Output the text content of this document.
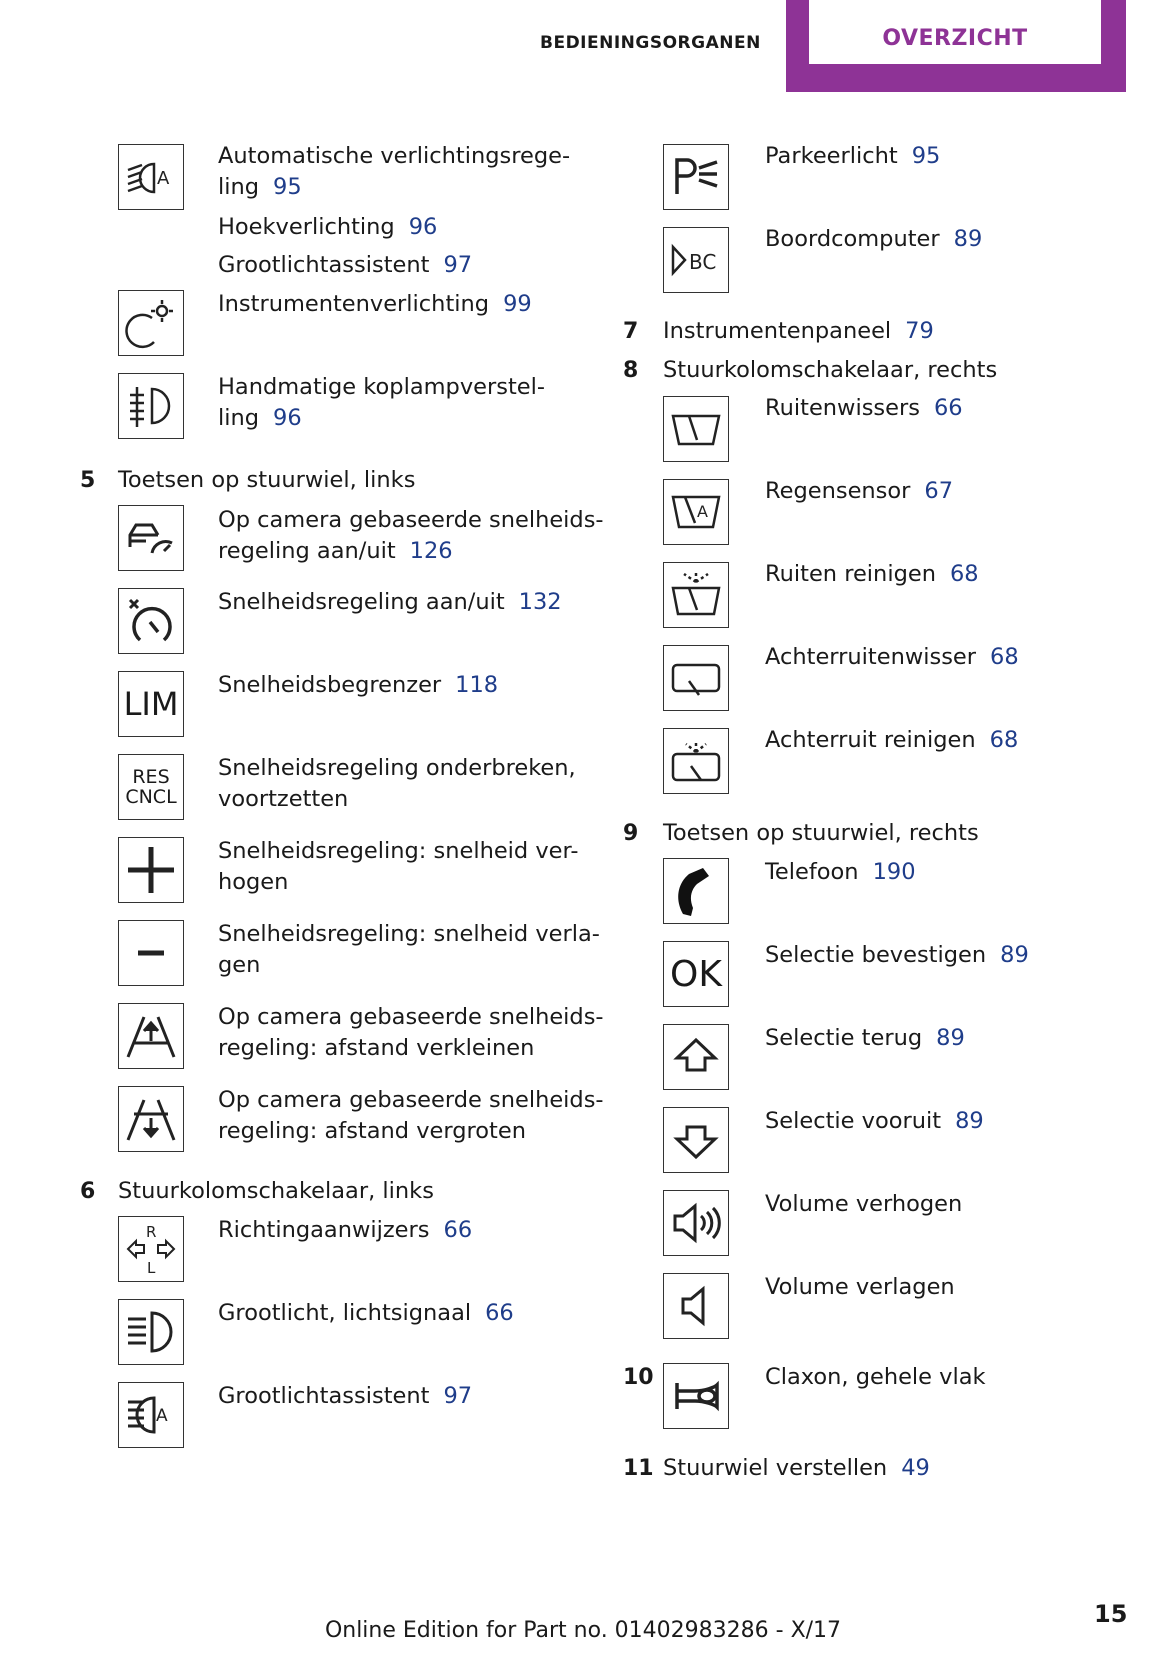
BEDIENINGSORGANEN	OVERZICHT
A
Automatische verlichtingsrege-
ling 95
Hoekverlichting 96
Grootlichtassistent 97
Instrumentenverlichting 99
Handmatige koplampverstel-
ling 96
5 Toetsen op stuurwiel, links
Op camera gebaseerde snelheids-
regeling aan/uit 126
Snelheidsregeling aan/uit 132
LIM Snelheidsbegrenzer 118
RES
CNCL
Snelheidsregeling onderbreken,
voortzetten
Snelheidsregeling: snelheid ver-
hogen
Snelheidsregeling: snelheid verla-
gen
Op camera gebaseerde snelheids-
regeling: afstand verkleinen
Op camera gebaseerde snelheids-
regeling: afstand vergroten
6 Stuurkolomschakelaar, links
R
L
Richtingaanwijzers 66
Grootlicht, lichtsignaal 66
A
Grootlichtassistent 97
Parkeerlicht 95
BC
Boordcomputer 89
7 Instrumentenpaneel 79
8 Stuurkolomschakelaar, rechts
Ruitenwissers 66
A
Regensensor 67
Ruiten reinigen 68
Achterruitenwisser 68
Achterruit reinigen 68
9 Toetsen op stuurwiel, rechts
Telefoon 190
OK Selectie bevestigen 89
Selectie terug 89
Selectie vooruit 89
Volume verhogen
Volume verlagen
10	Claxon, gehele vlak
11 Stuurwiel verstellen 49
Online Edition for Part no. 01402983286 - X/17
15
